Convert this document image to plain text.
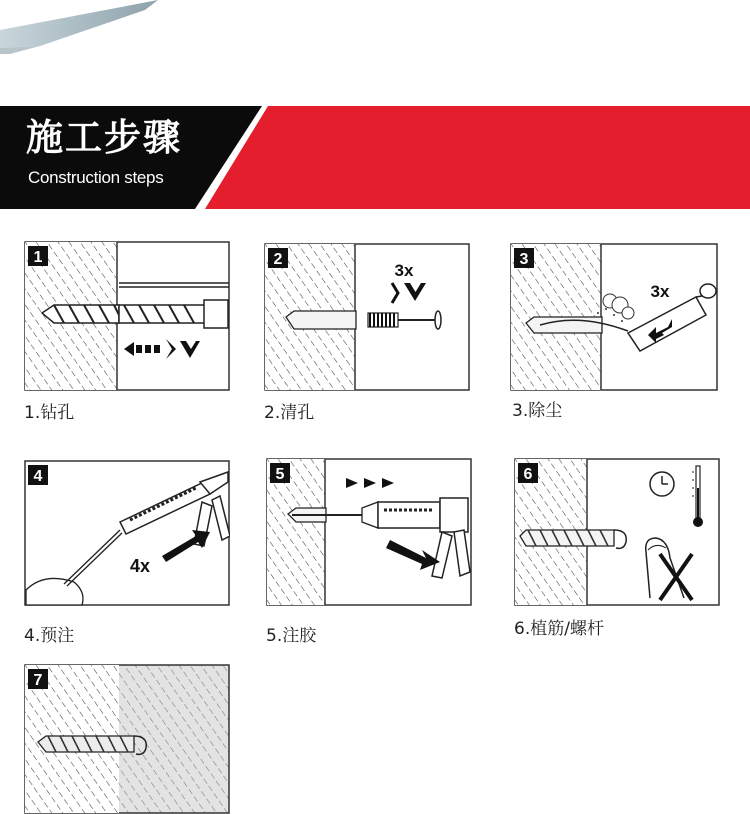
施工步骤
Construction steps
1
1.钻孔
2
3x
2.清孔
3
3x
3.除尘
4
4x
4.预注
5
5.注胶
6
6.植筋/螺杆
7
